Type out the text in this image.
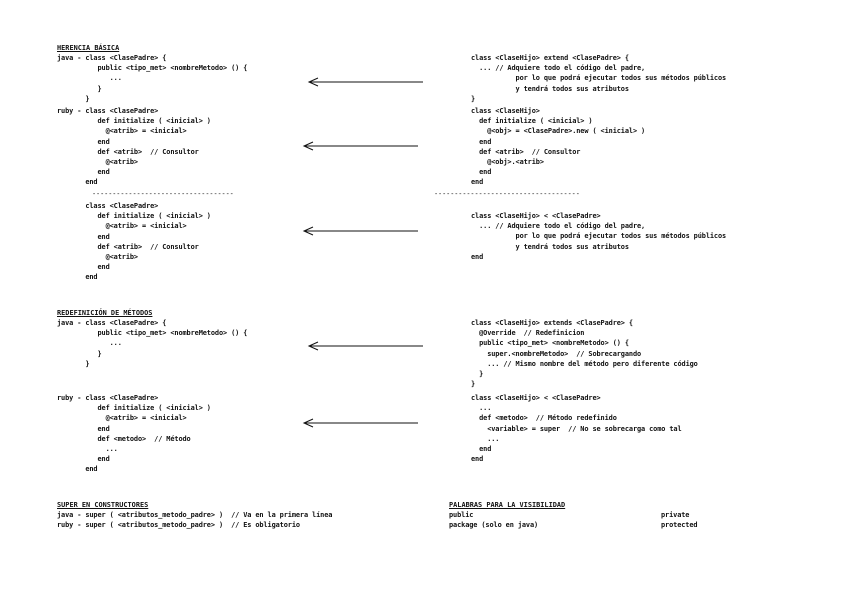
HERENCIA BÁSICA
java - class <ClasePadre> {
public <tipo_met> <nombreMetodo> () {
...
}
}
class <ClaseHijo> extend <ClasePadre> {
... // Adquiere todo el código del padre,
por lo que podrá ejecutar todos sus métodos públicos
y tendrá todos sus atributos
}
ruby - class <ClasePadre>
def initialize ( <inicial> )
@<atrib> = <inicial>
end
def <atrib>  // Consultor
@<atrib>
end
end
class <ClaseHijo>
def initialize ( <inicial> )
@<obj> = <ClasePadre>.new ( <inicial> )
end
def <atrib>  // Consultor
@<obj>.<atrib>
end
end
-----------------------------------	------------------------------------
class <ClasePadre>
def initialize ( <inicial> )
@<atrib> = <inicial>
end
def <atrib>  // Consultor
@<atrib>
end
end
class <ClaseHijo> < <ClasePadre>
... // Adquiere todo el código del padre,
por lo que podrá ejecutar todos sus métodos públicos
y tendrá todos sus atributos
end
REDEFINICIÓN DE MÉTODOS
java - class <ClasePadre> {
public <tipo_met> <nombreMetodo> () {
...
}
}
class <ClaseHijo> extends <ClasePadre> {
@Override  // Redefinicion
public <tipo_met> <nombreMetodo> () {
super.<nombreMetodo>  // Sobrecargando
... // Mismo nombre del método pero diferente código
}
}
ruby - class <ClasePadre>
def initialize ( <inicial> )
@<atrib> = <inicial>
end
def <metodo>  // Método
...
end
end
class <ClaseHijo> < <ClasePadre>
...
def <metodo>  // Método redefinido
<variable> = super  // No se sobrecarga como tal
...
end
end
SUPER EN CONSTRUCTORES
java - super ( <atributos_metodo_padre> )  // Va en la primera línea
ruby - super ( <atributos_metodo_padre> )  // Es obligatorio
PALABRAS PARA LA VISIBILIDAD
public
package (solo en java)
private
protected
